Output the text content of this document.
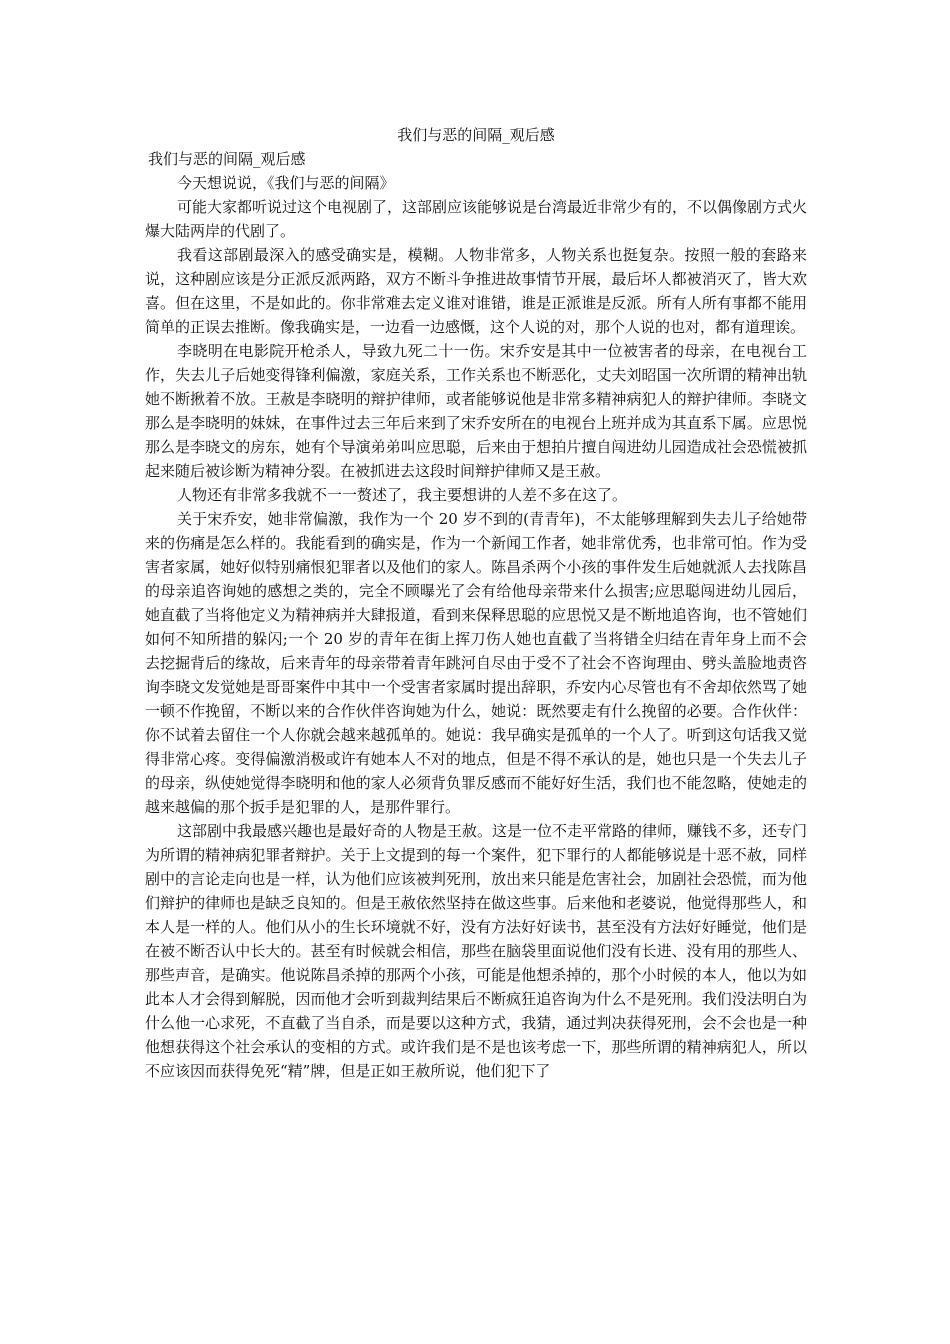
我们与恶的间隔_观后感

我们与恶的间隔_观后感

今天想说说，《我们与恶的间隔》

可能大家都听说过这个电视剧了，这部剧应该能够说是台湾最近非常少有的，不以偶像剧方式火爆大陆两岸的代剧了。

我看这部剧最深入的感受确实是，模糊。人物非常多，人物关系也挺复杂。按照一般的套路来说，这种剧应该是分正派反派两路，双方不断斗争推进故事情节开展，最后坏人都被消灭了，皆大欢喜。但在这里，不是如此的。你非常难去定义谁对谁错，谁是正派谁是反派。所有人所有事都不能用简单的正误去推断。像我确实是，一边看一边感慨，这个人说的对，那个人说的也对，都有道理诶。

李晓明在电影院开枪杀人，导致九死二十一伤。宋乔安是其中一位被害者的母亲，在电视台工作，失去儿子后她变得锋利偏激，家庭关系，工作关系也不断恶化，丈夫刘昭国一次所谓的精神出轨她不断揪着不放。王赦是李晓明的辩护律师，或者能够说他是非常多精神病犯人的辩护律师。李晓文那么是李晓明的妹妹，在事件过去三年后来到了宋乔安所在的电视台上班并成为其直系下属。应思悦那么是李晓文的房东，她有个导演弟弟叫应思聪，后来由于想拍片擅自闯进幼儿园造成社会恐慌被抓起来随后被诊断为精神分裂。在被抓进去这段时间辩护律师又是王赦。

人物还有非常多我就不一一赘述了，我主要想讲的人差不多在这了。

关于宋乔安，她非常偏激，我作为一个 20 岁不到的(青青年)，不太能够理解到失去儿子给她带来的伤痛是怎么样的。我能看到的确实是，作为一个新闻工作者，她非常优秀，也非常可怕。作为受害者家属，她好似特别痛恨犯罪者以及他们的家人。陈昌杀两个小孩的事件发生后她就派人去找陈昌的母亲追咨询她的感想之类的，完全不顾曝光了会有给他母亲带来什么损害;应思聪闯进幼儿园后，她直截了当将他定义为精神病并大肆报道，看到来保释思聪的应思悦又是不断地追咨询，也不管她们如何不知所措的躲闪;一个 20 岁的青年在街上挥刀伤人她也直截了当将错全归结在青年身上而不会去挖掘背后的缘故，后来青年的母亲带着青年跳河自尽由于受不了社会不咨询理由、劈头盖脸地责咨询李晓文发觉她是哥哥案件中其中一个受害者家属时提出辞职，乔安内心尽管也有不舍却依然骂了她一顿不作挽留，不断以来的合作伙伴咨询她为什么，她说：既然要走有什么挽留的必要。合作伙伴：你不试着去留住一个人你就会越来越孤单的。她说：我早确实是孤单的一个人了。听到这句话我又觉得非常心疼。变得偏激消极或许有她本人不对的地点，但是不得不承认的是，她也只是一个失去儿子的母亲，纵使她觉得李晓明和他的家人必须背负罪反感而不能好好生活，我们也不能忽略，使她走的越来越偏的那个扳手是犯罪的人，是那件罪行。

这部剧中我最感兴趣也是最好奇的人物是王赦。这是一位不走平常路的律师，赚钱不多，还专门为所谓的精神病犯罪者辩护。关于上文提到的每一个案件，犯下罪行的人都能够说是十恶不赦，同样剧中的言论走向也是一样，认为他们应该被判死刑，放出来只能是危害社会，加剧社会恐慌，而为他们辩护的律师也是缺乏良知的。但是王赦依然坚持在做这些事。后来他和老婆说，他觉得那些人，和本人是一样的人。他们从小的生长环境就不好，没有方法好好读书，甚至没有方法好好睡觉，他们是在被不断否认中长大的。甚至有时候就会相信，那些在脑袋里面说他们没有长进、没有用的那些人、那些声音，是确实。他说陈昌杀掉的那两个小孩，可能是他想杀掉的，那个小时候的本人，他以为如此本人才会得到解脱，因而他才会听到裁判结果后不断疯狂追咨询为什么不是死刑。我们没法明白为什么他一心求死，不直截了当自杀，而是要以这种方式，我猜，通过判决获得死刑，会不会也是一种他想获得这个社会承认的变相的方式。或许我们是不是也该考虑一下，那些所谓的精神病犯人，所以不应该因而获得免死“精”牌，但是正如王赦所说，他们犯下了
